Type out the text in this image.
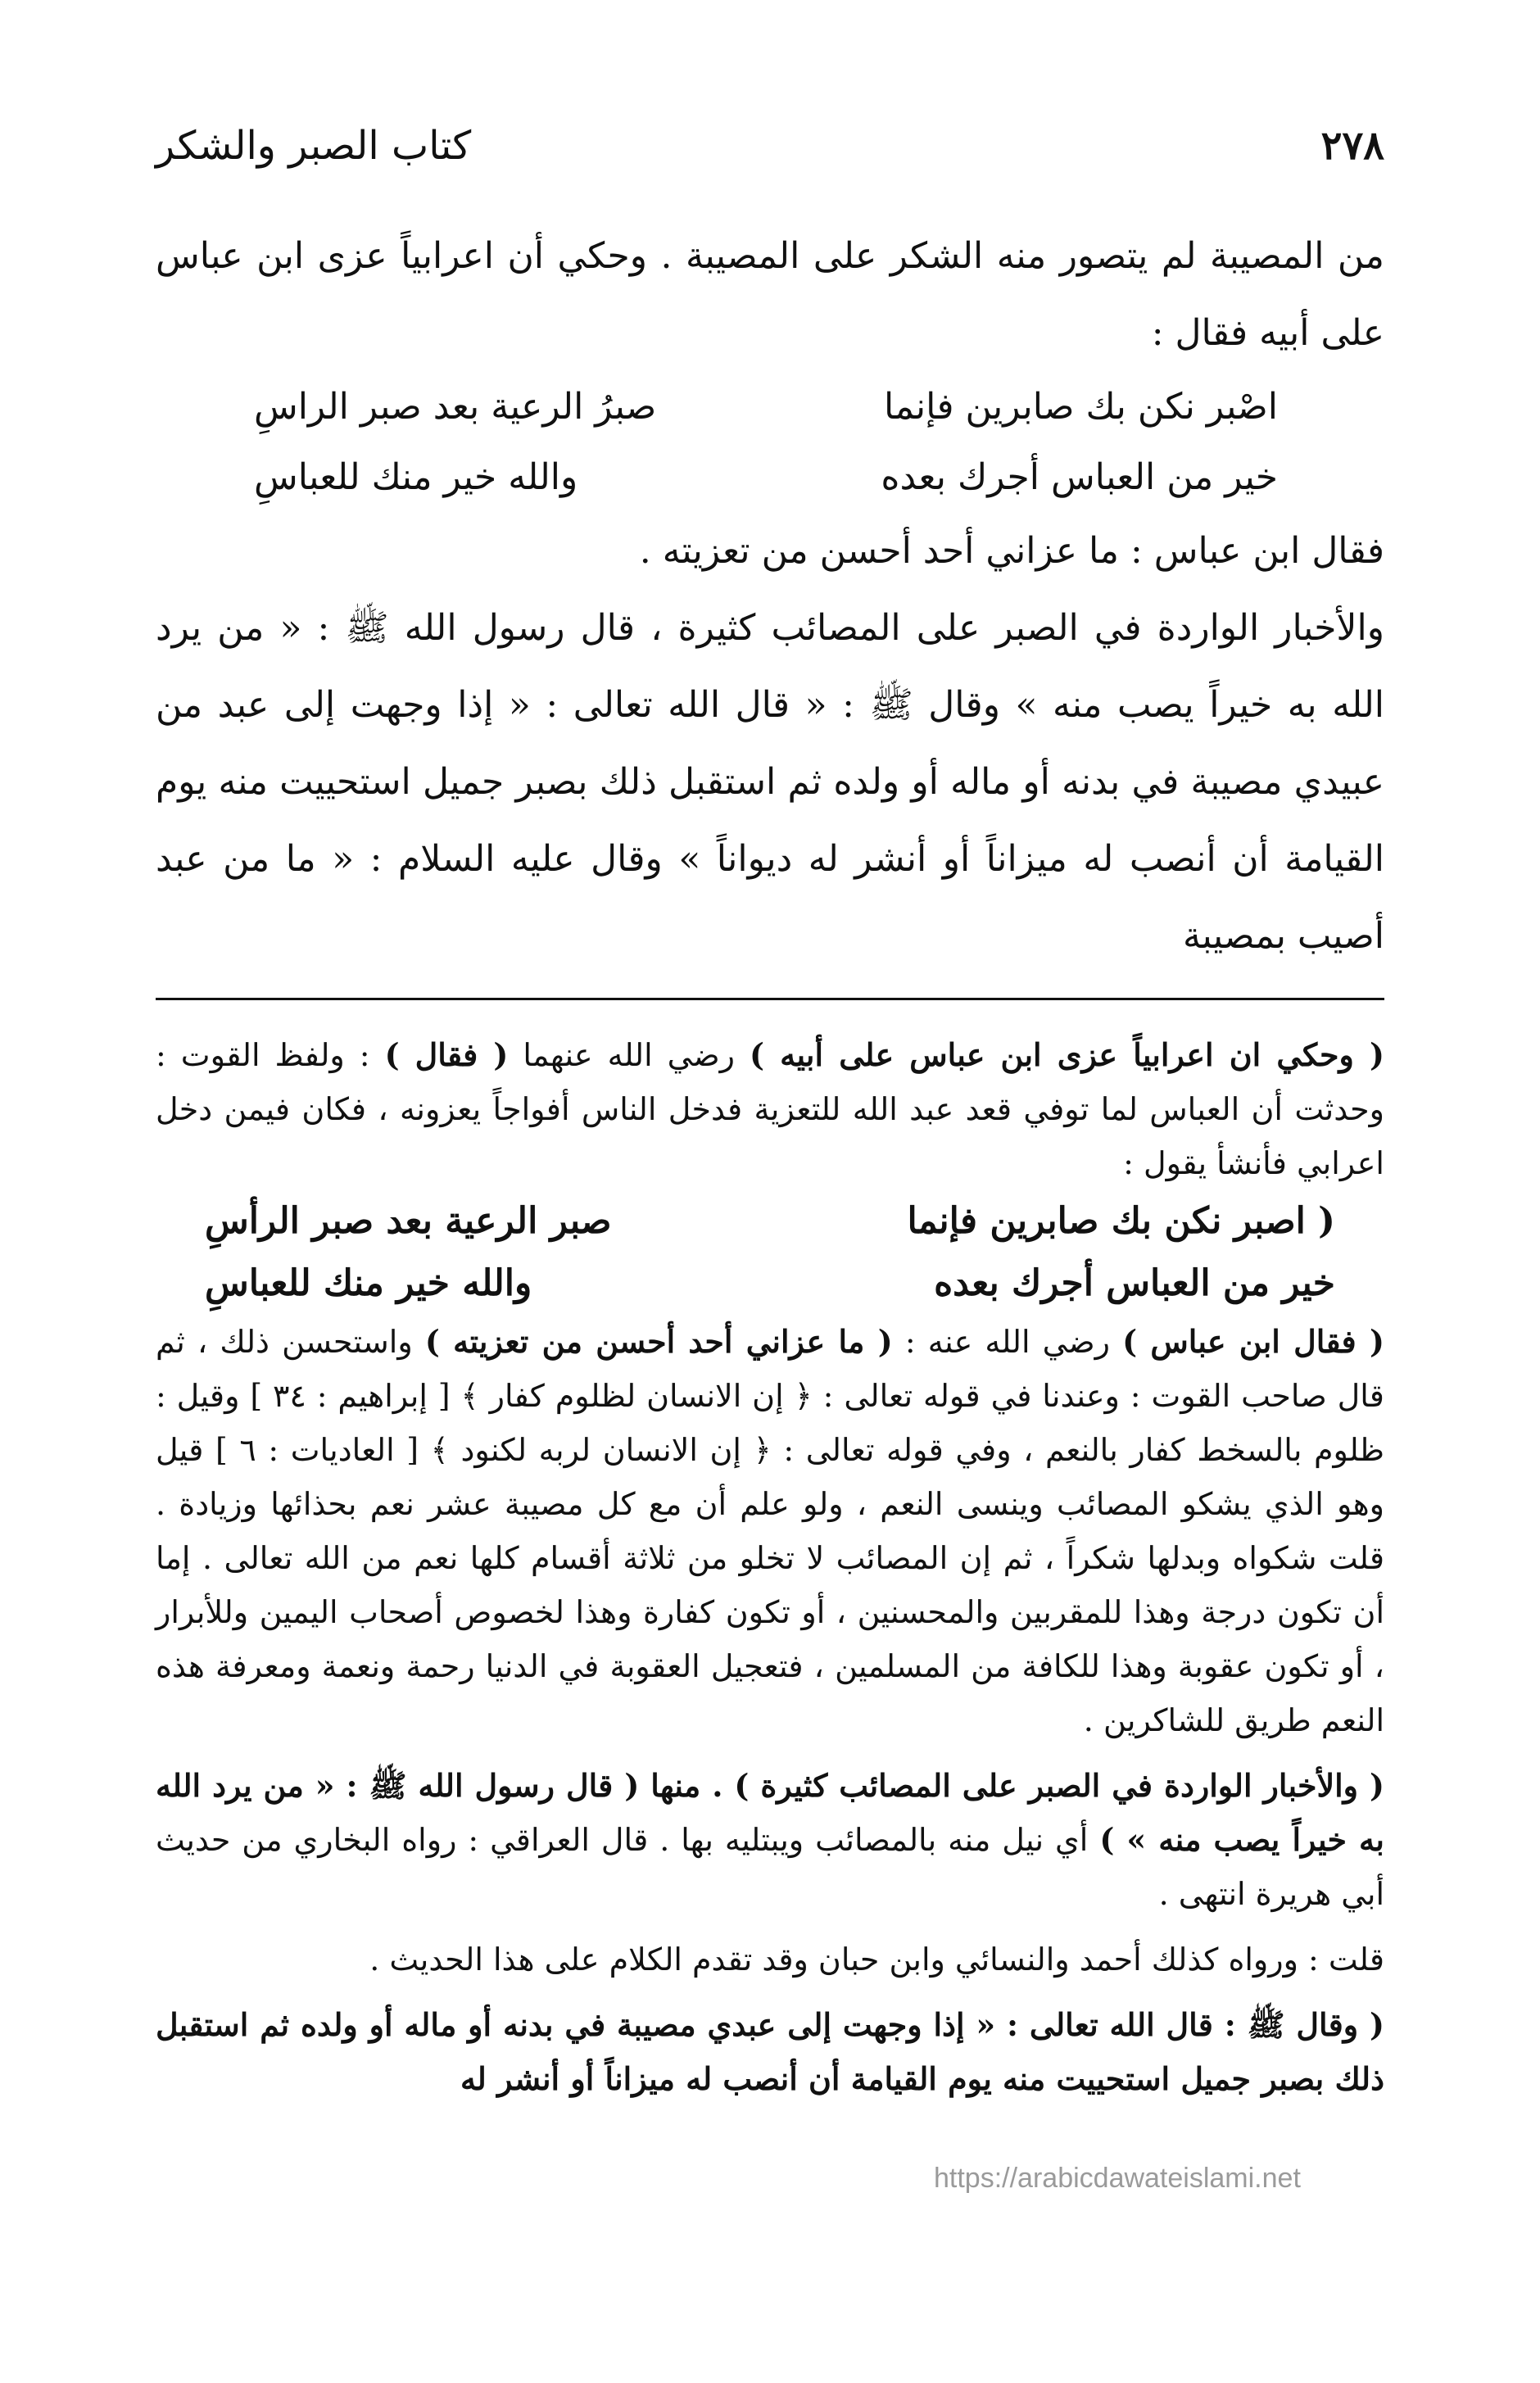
٢٧٨
كتاب الصبر والشكر

من المصيبة لم يتصور منه الشكر على المصيبة . وحكي أن اعرابياً عزى ابن عباس على أبيه فقال :

اصْبر نكن بك صابرين فإنما
صبرُ الرعية بعد صبر الراسِ
خير من العباس أجرك بعده
والله خير منك للعباسِ

فقال ابن عباس : ما عزاني أحد أحسن من تعزيته .

والأخبار الواردة في الصبر على المصائب كثيرة ، قال رسول الله ﷺ : « من يرد الله به خيراً يصب منه » وقال ﷺ : « قال الله تعالى : « إذا وجهت إلى عبد من عبيدي مصيبة في بدنه أو ماله أو ولده ثم استقبل ذلك بصبر جميل استحييت منه يوم القيامة أن أنصب له ميزاناً أو أنشر له ديواناً » وقال عليه السلام : « ما من عبد أصيب بمصيبة

( وحكي ان اعرابياً عزى ابن عباس على أبيه ) رضي الله عنهما ( فقال ) : ولفظ القوت : وحدثت أن العباس لما توفي قعد عبد الله للتعزية فدخل الناس أفواجاً يعزونه ، فكان فيمن دخل اعرابي فأنشأ يقول :

( اصبر نكن بك صابرين فإنما
صبر الرعية بعد صبر الرأسِ
خير من العباس أجرك بعده
والله خير منك للعباسِ

( فقال ابن عباس ) رضي الله عنه : ( ما عزاني أحد أحسن من تعزيته ) واستحسن ذلك ، ثم قال صاحب القوت : وعندنا في قوله تعالى : ﴿ إن الانسان لظلوم كفار ﴾ [ إبراهيم : ٣٤ ] وقيل : ظلوم بالسخط كفار بالنعم ، وفي قوله تعالى : ﴿ إن الانسان لربه لكنود ﴾ [ العاديات : ٦ ] قيل وهو الذي يشكو المصائب وينسى النعم ، ولو علم أن مع كل مصيبة عشر نعم بحذائها وزيادة . قلت شكواه وبدلها شكراً ، ثم إن المصائب لا تخلو من ثلاثة أقسام كلها نعم من الله تعالى . إما أن تكون درجة وهذا للمقربين والمحسنين ، أو تكون كفارة وهذا لخصوص أصحاب اليمين وللأبرار ، أو تكون عقوبة وهذا للكافة من المسلمين ، فتعجيل العقوبة في الدنيا رحمة ونعمة ومعرفة هذه النعم طريق للشاكرين .

( والأخبار الواردة في الصبر على المصائب كثيرة ) . منها ( قال رسول الله ﷺ : « من يرد الله به خيراً يصب منه » ) أي نيل منه بالمصائب ويبتليه بها . قال العراقي : رواه البخاري من حديث أبي هريرة انتهى .

قلت : ورواه كذلك أحمد والنسائي وابن حبان وقد تقدم الكلام على هذا الحديث .

( وقال ﷺ : قال الله تعالى : « إذا وجهت إلى عبدي مصيبة في بدنه أو ماله أو ولده ثم استقبل ذلك بصبر جميل استحييت منه يوم القيامة أن أنصب له ميزاناً أو أنشر له

https://arabicdawateislami.net
